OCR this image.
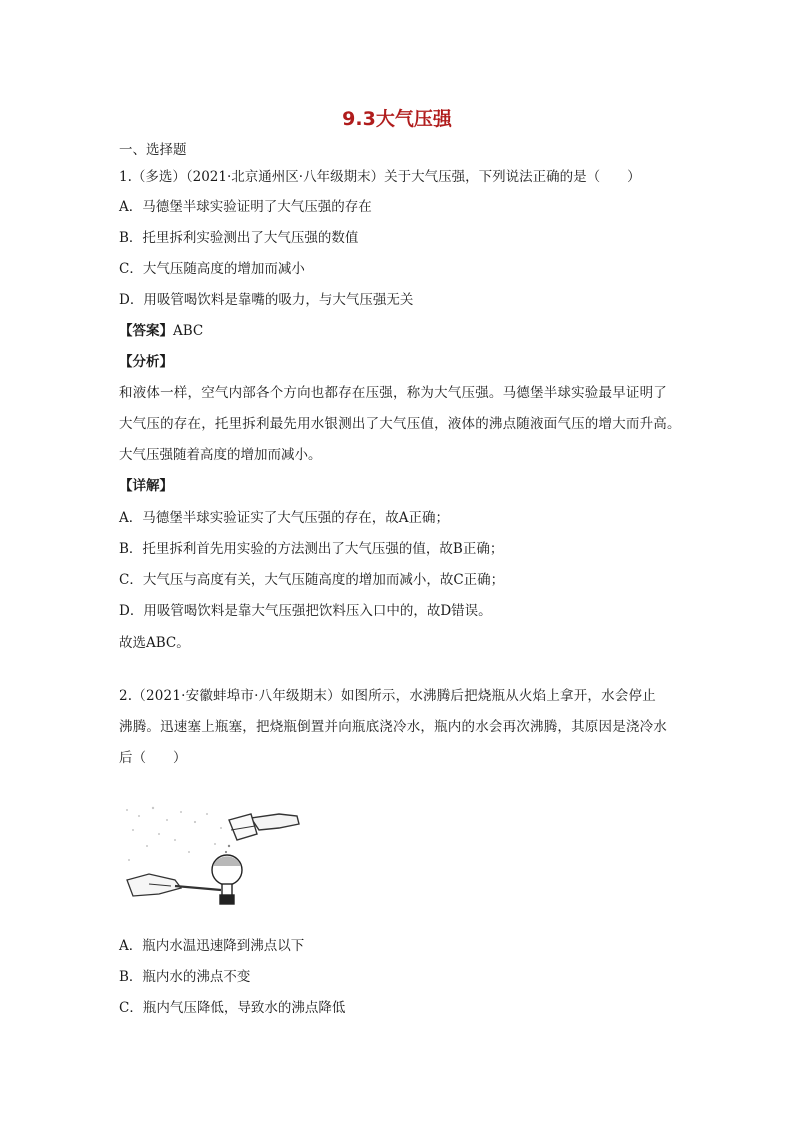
9.3大气压强
一、选择题
1.（多选）（2021·北京通州区·八年级期末）关于大气压强，下列说法正确的是（　　）
A．马德堡半球实验证明了大气压强的存在
B．托里拆利实验测出了大气压强的数值
C．大气压随高度的增加而减小
D．用吸管喝饮料是靠嘴的吸力，与大气压强无关
【答案】ABC
【分析】
和液体一样，空气内部各个方向也都存在压强，称为大气压强。马德堡半球实验最早证明了
大气压的存在，托里拆利最先用水银测出了大气压值，液体的沸点随液面气压的增大而升高。
大气压强随着高度的增加而减小。
【详解】
A．马德堡半球实验证实了大气压强的存在，故A正确；
B．托里拆利首先用实验的方法测出了大气压强的值，故B正确；
C．大气压与高度有关，大气压随高度的增加而减小，故C正确；
D．用吸管喝饮料是靠大气压强把饮料压入口中的，故D错误。
故选ABC。
2.（2021·安徽蚌埠市·八年级期末）如图所示，水沸腾后把烧瓶从火焰上拿开，水会停止
沸腾。迅速塞上瓶塞，把烧瓶倒置并向瓶底浇冷水，瓶内的水会再次沸腾，其原因是浇冷水
后（　　）
A．瓶内水温迅速降到沸点以下
B．瓶内水的沸点不变
C．瓶内气压降低，导致水的沸点降低
